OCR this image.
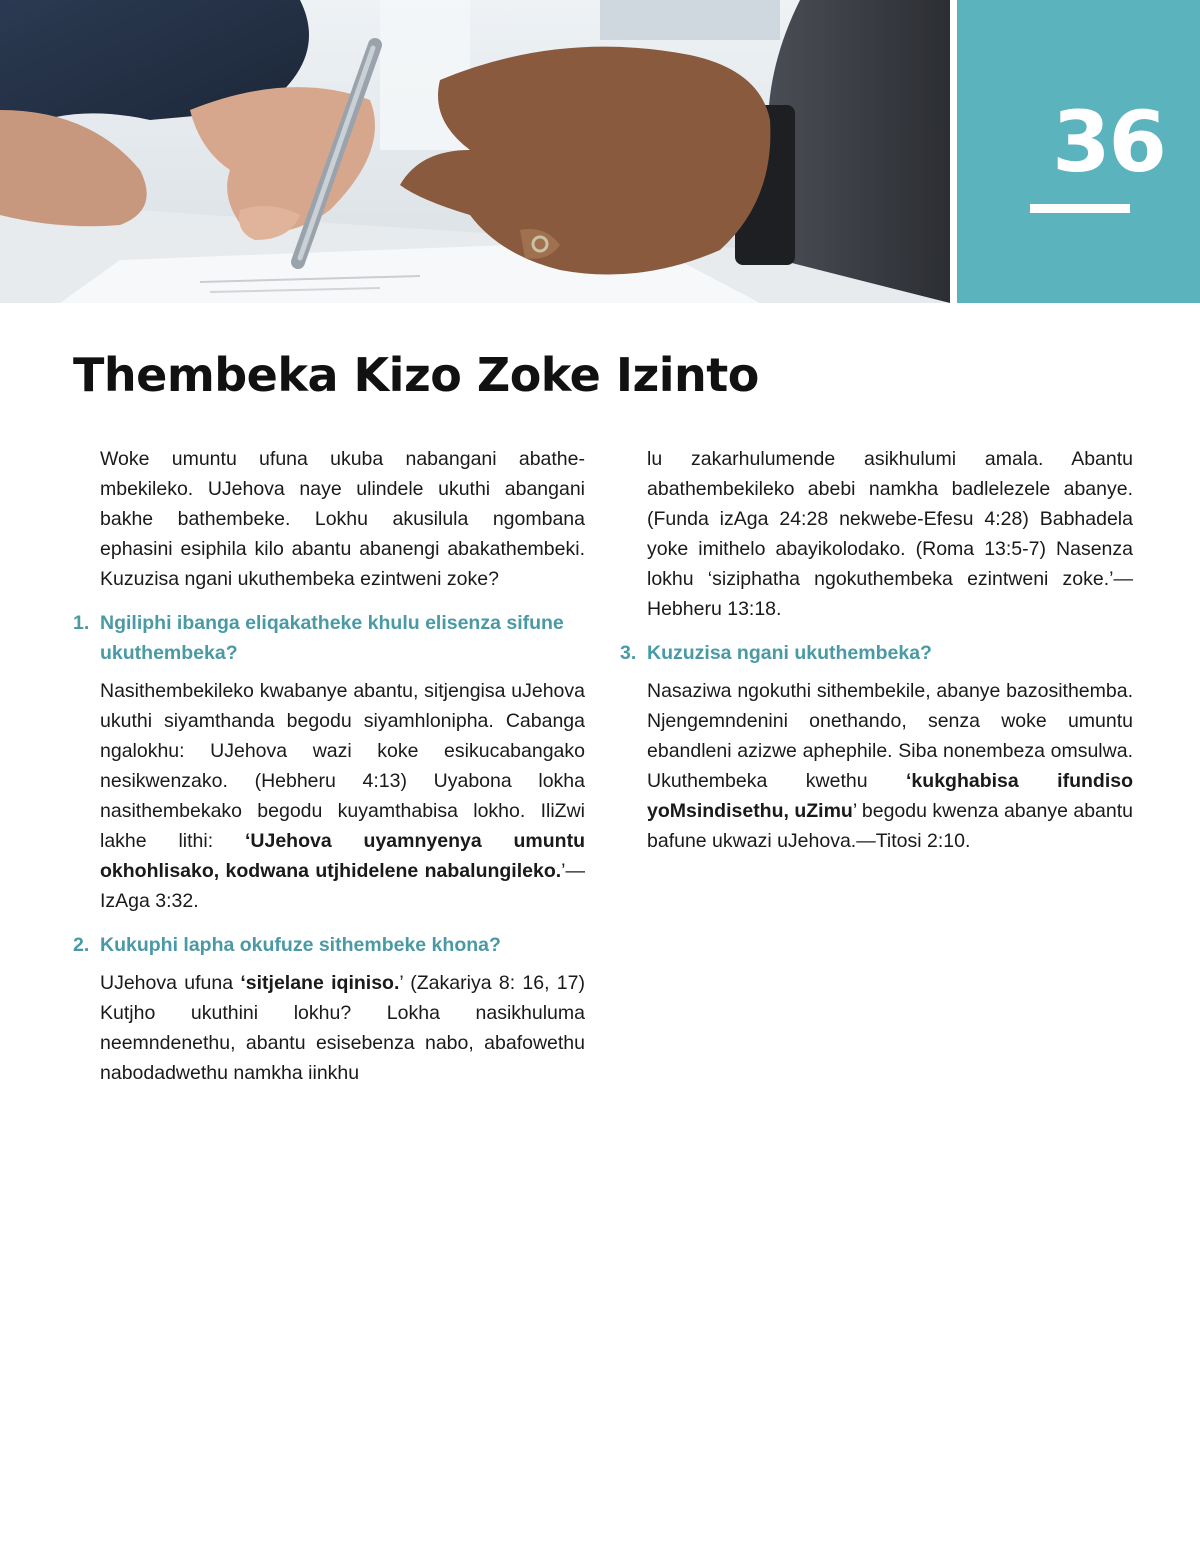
36
Thembeka Kizo Zoke Izinto

Woke umuntu ufuna ukuba nabangani abathembekileko. UJehova naye ulindele ukuthi abangani bakhe bathembeke. Lokhu akusilula ngombana ephasini esiphila kilo abantu abanengi abakathembeki. Kuzuzisa ngani ukuthembeka ezintweni zoke?

1. Ngiliphi ibanga eliqakatheke khulu elisenza sifune ukuthembeka?

Nasithembekileko kwabanye abantu, sitjengisa uJehova ukuthi siyamthanda begodu siyamhlonipha. Cabanga ngalokhu: UJehova wazi koke esikucabangako nesikwenzako. (Hebheru 4:13) Uyabona lokha nasithembekako begodu kuyamthabisa lokho. IliZwi lakhe lithi: ‘UJehova uyamnyenya umuntu okhohlisako, kodwana utjhidelene nabalungileko.’—IzAga 3:32.

2. Kukuphi lapha okufuze sithembeke khona?

UJehova ufuna ‘sitjelane iqiniso.’ (Zakariya 8: 16, 17) Kutjho ukuthini lokhu? Lokha nasikhuluma neemndenethu, abantu esisebenza nabo, abafowethu nabodadwethu namkha iinkhu

lu zakarhulumende asikhulumi amala. Abantu abathembekileko abebi namkha badlelezele abanye. (Funda izAga 24:28 nekwebe-Efesu 4:28) Babhadela yoke imithelo abayikolodako. (Roma 13:5-7) Nasenza lokhu ‘siziphatha ngokuthembeka ezintweni zoke.’—Hebheru 13:18.

3. Kuzuzisa ngani ukuthembeka?

Nasaziwa ngokuthi sithembekile, abanye bazosithemba. Njengemndenini onethando, senza woke umuntu ebandleni azizwe aphephile. Siba nonembeza omsulwa. Ukuthembeka kwethu ‘kukghabisa ifundiso yoMsindisethu, uZimu’ begodu kwenza abanye abantu bafune ukwazi uJehova.—Titosi 2:10.
